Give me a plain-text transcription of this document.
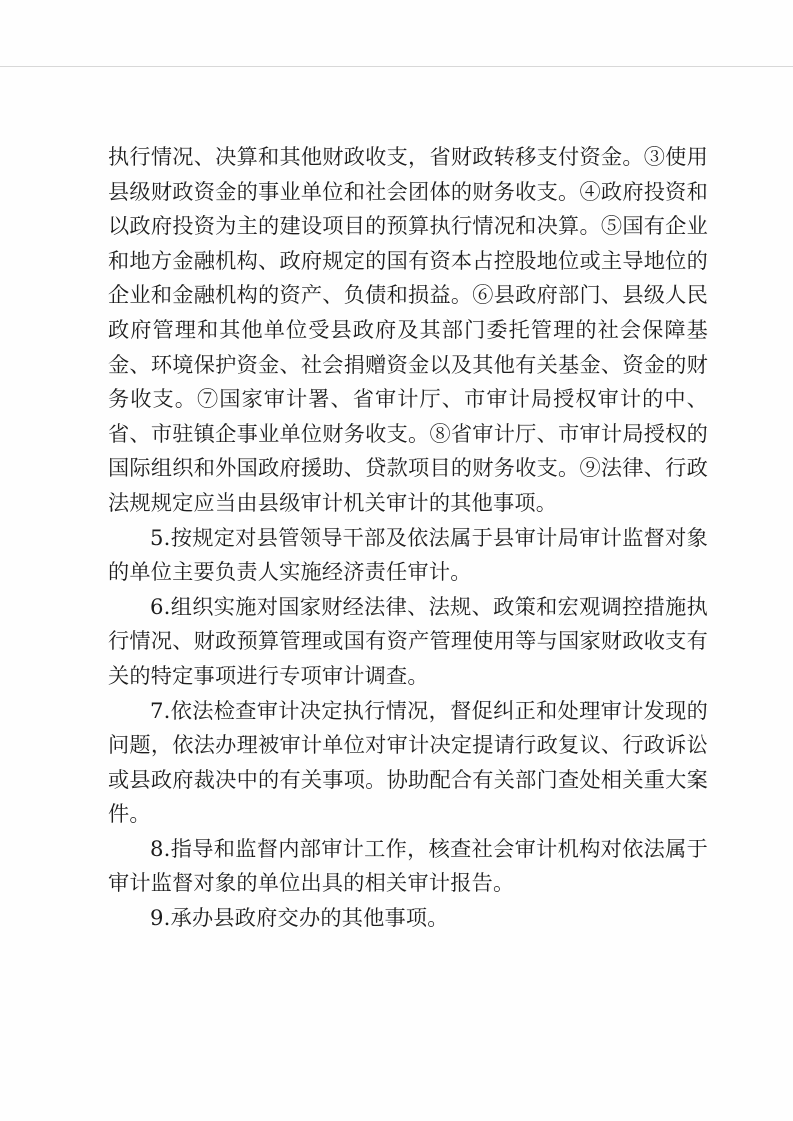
执行情况、决算和其他财政收支，省财政转移支付资金。③使用县级财政资金的事业单位和社会团体的财务收支。④政府投资和以政府投资为主的建设项目的预算执行情况和决算。⑤国有企业和地方金融机构、政府规定的国有资本占控股地位或主导地位的企业和金融机构的资产、负债和损益。⑥县政府部门、县级人民政府管理和其他单位受县政府及其部门委托管理的社会保障基金、环境保护资金、社会捐赠资金以及其他有关基金、资金的财务收支。⑦国家审计署、省审计厅、市审计局授权审计的中、省、市驻镇企事业单位财务收支。⑧省审计厅、市审计局授权的国际组织和外国政府援助、贷款项目的财务收支。⑨法律、行政法规规定应当由县级审计机关审计的其他事项。

5.按规定对县管领导干部及依法属于县审计局审计监督对象的单位主要负责人实施经济责任审计。

6.组织实施对国家财经法律、法规、政策和宏观调控措施执行情况、财政预算管理或国有资产管理使用等与国家财政收支有关的特定事项进行专项审计调查。

7.依法检查审计决定执行情况，督促纠正和处理审计发现的问题，依法办理被审计单位对审计决定提请行政复议、行政诉讼或县政府裁决中的有关事项。协助配合有关部门查处相关重大案件。

8.指导和监督内部审计工作，核查社会审计机构对依法属于审计监督对象的单位出具的相关审计报告。

9.承办县政府交办的其他事项。
